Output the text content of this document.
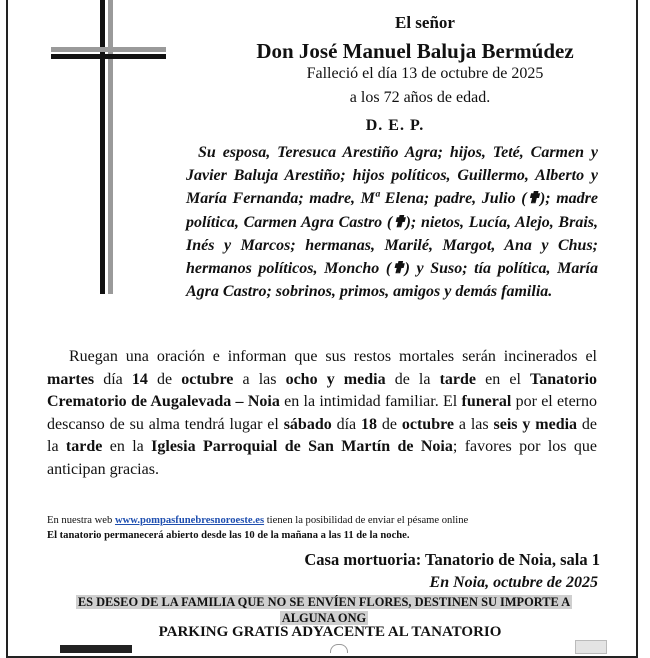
El señor
Don José Manuel Baluja Bermúdez
Falleció el día 13 de octubre de 2025
a los 72 años de edad.
D. E. P.
Su esposa, Teresuca Arestiño Agra; hijos, Teté, Carmen y Javier Baluja Arestiño; hijos políticos, Guillermo, Alberto y María Fernanda; madre, Mª Elena; padre, Julio (✟); madre política, Carmen Agra Castro (✟); nietos, Lucía, Alejo, Brais, Inés y Marcos; hermanas, Marilé, Margot, Ana y Chus; hermanos políticos, Moncho (✟) y Suso; tía política, María Agra Castro; sobrinos, primos, amigos y demás familia.
Ruegan una oración e informan que sus restos mortales serán incinerados el martes día 14 de octubre a las ocho y media de la tarde en el Tanatorio Crematorio de Augalevada – Noia en la intimidad familiar. El funeral por el eterno descanso de su alma tendrá lugar el sábado día 18 de octubre a las seis y media de la tarde en la Iglesia Parroquial de San Martín de Noia; favores por los que anticipan gracias.
En nuestra web www.pompasfunebresnoroeste.es tienen la posibilidad de enviar el pésame online
El tanatorio permanecerá abierto desde las 10 de la mañana a las 11 de la noche.
Casa mortuoria: Tanatorio de Noia, sala 1
En Noia, octubre de 2025
ES DESEO DE LA FAMILIA QUE NO SE ENVÍEN FLORES, DESTINEN SU IMPORTE A
ALGUNA ONG
PARKING GRATIS ADYACENTE AL TANATORIO
